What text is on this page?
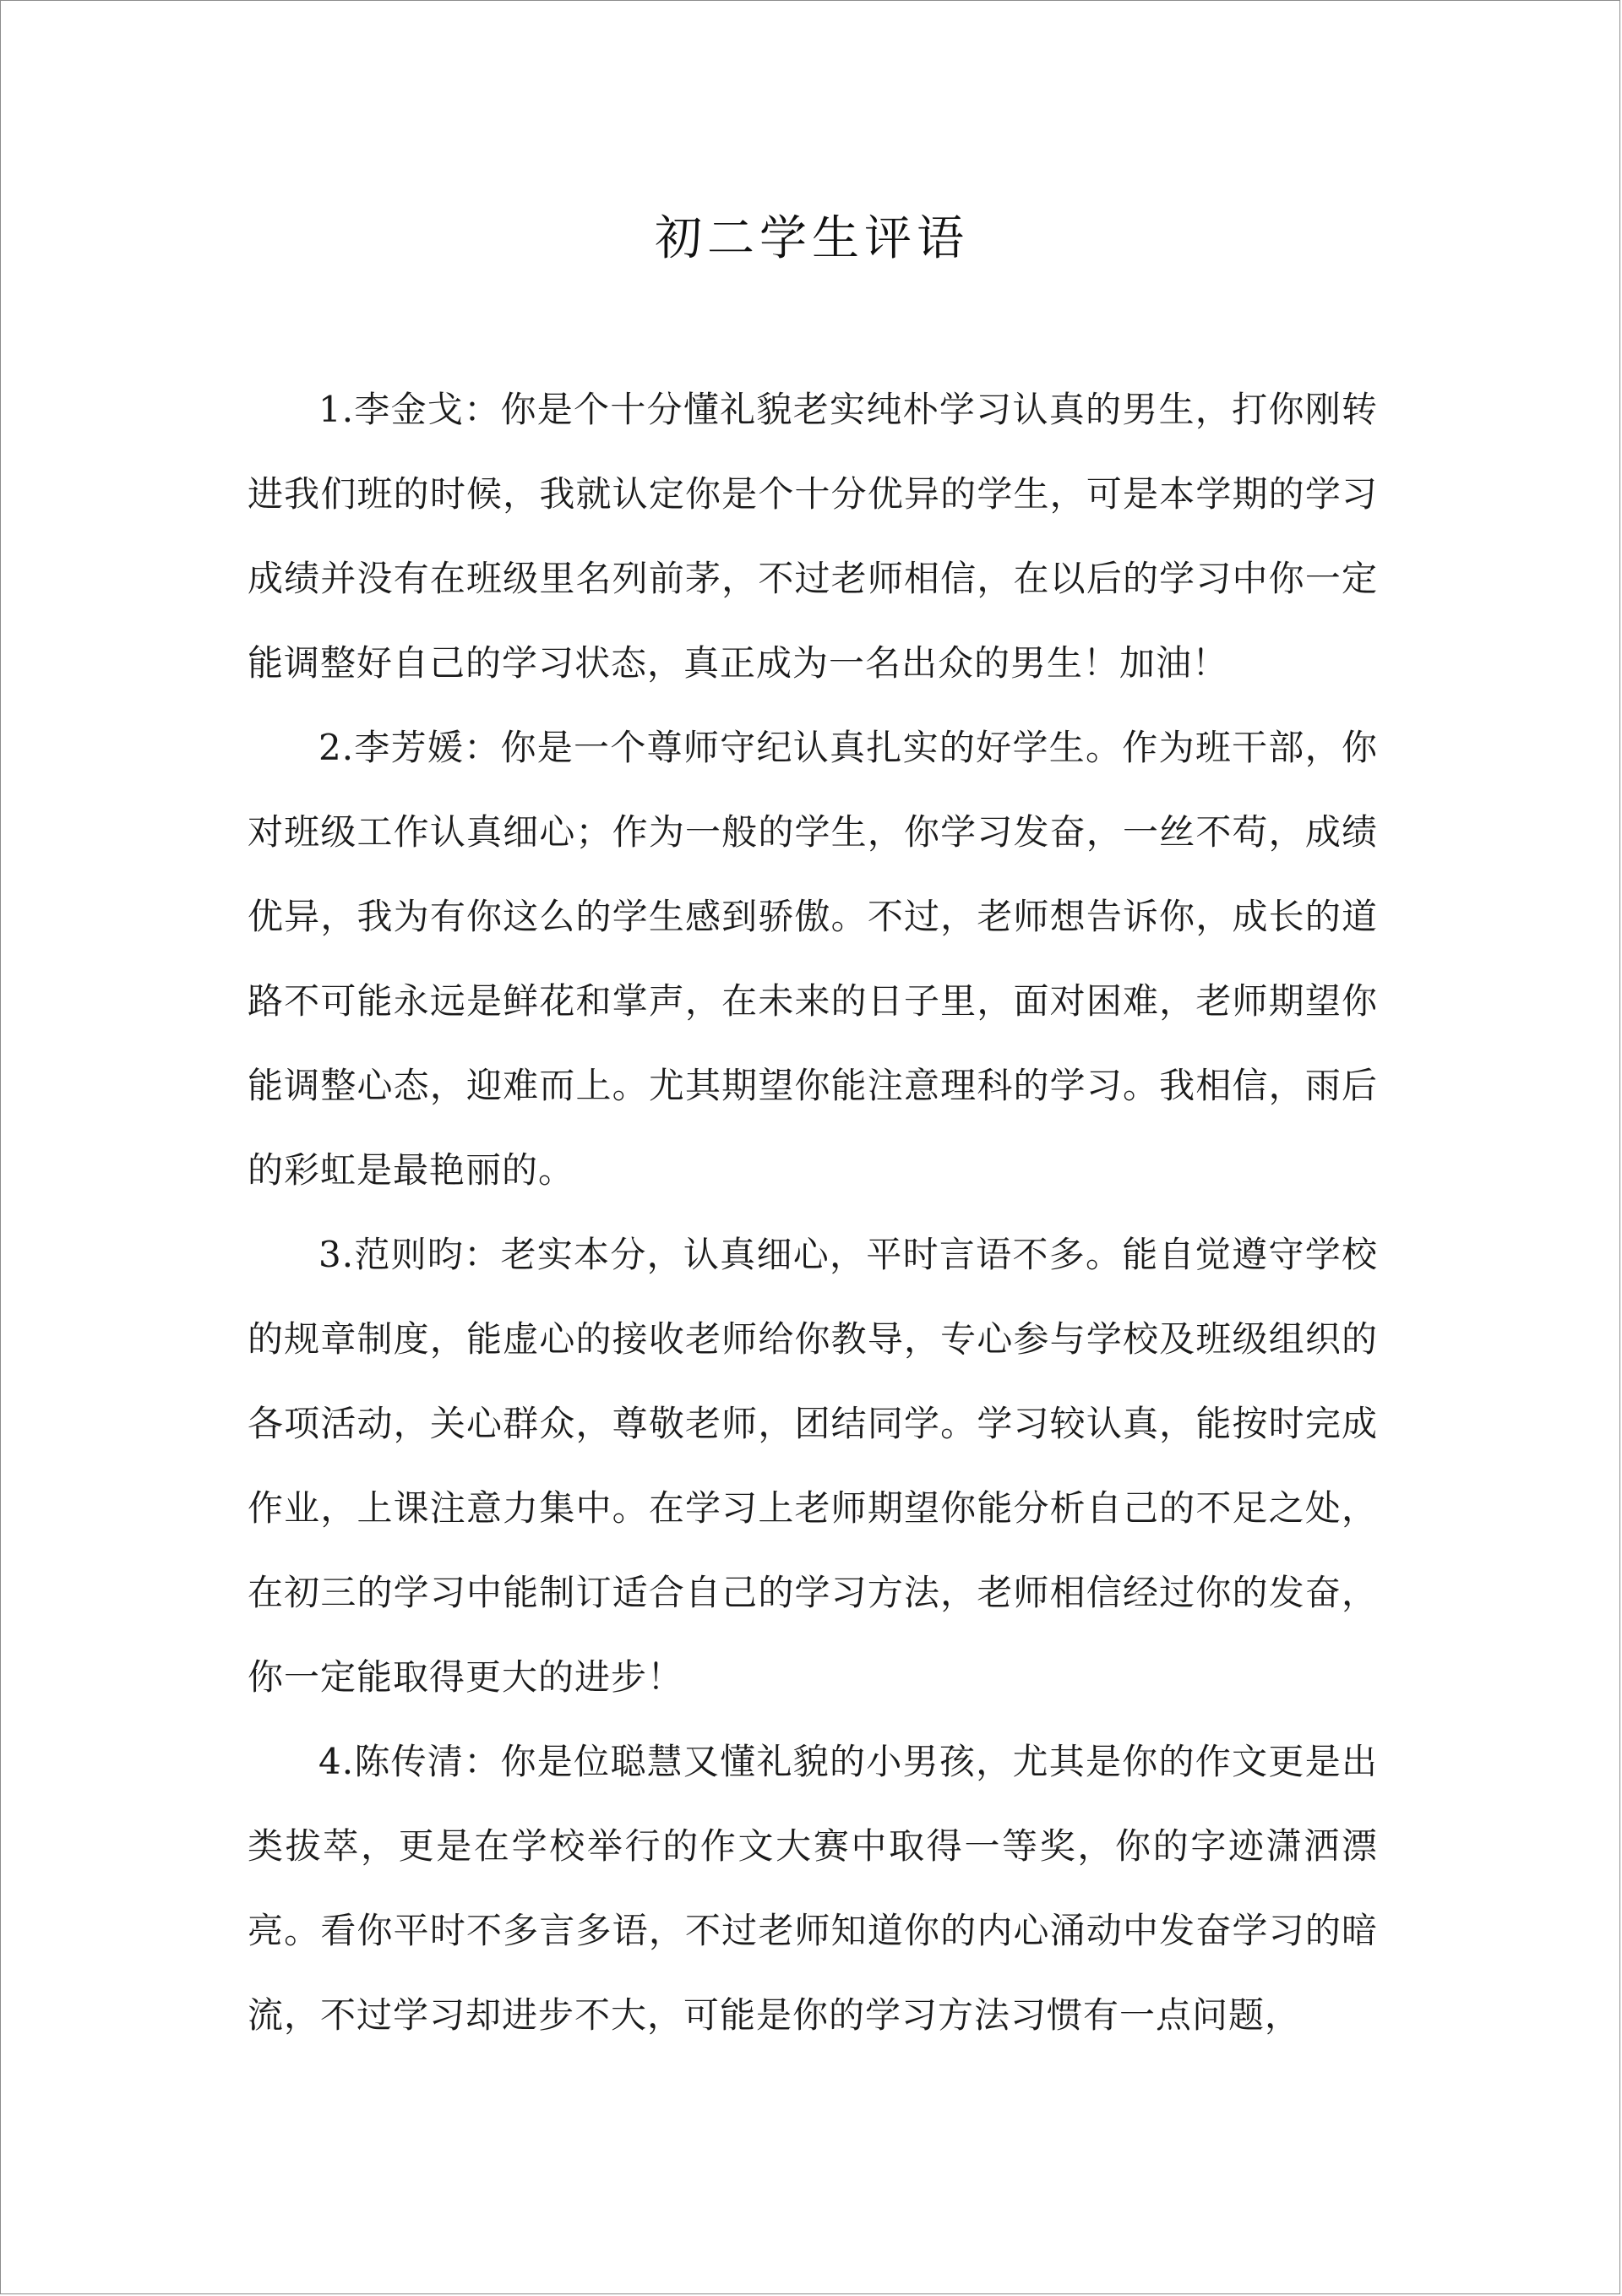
初二学生评语

1.李金戈：你是个十分懂礼貌老实纯朴学习认真的男生，打你刚转进我们班的时候，我就认定你是个十分优异的学生，可是本学期的学习成绩并没有在班级里名列前茅，不过老师相信，在以后的学习中你一定能调整好自己的学习状态，真正成为一名出众的男生！加油！

2.李芳媛：你是一个尊师守纪认真扎实的好学生。作为班干部，你对班级工作认真细心；作为一般的学生，你学习发奋，一丝不苟，成绩优异，我为有你这么的学生感到骄傲。不过，老师想告诉你，成长的道路不可能永远是鲜花和掌声，在未来的日子里，面对困难，老师期望你能调整心态，迎难而上。尤其期望你能注意理科的学习。我相信，雨后的彩虹是最艳丽的。

3.范则昀：老实本分，认真细心，平时言语不多。能自觉遵守学校的规章制度，能虚心的接收老师给你教导，专心参与学校及班级组织的各项活动，关心群众，尊敬老师，团结同学。学习较认真，能按时完成作业，上课注意力集中。在学习上老师期望你能分析自己的不足之处，在初三的学习中能制订适合自己的学习方法，老师相信经过你的发奋，你一定能取得更大的进步！

4.陈传清：你是位聪慧又懂礼貌的小男孩，尤其是你的作文更是出类拔萃，更是在学校举行的作文大赛中取得一等奖，你的字迹潇洒漂亮。看你平时不多言多语，不过老师知道你的内心涌动中发奋学习的暗流，不过学习却进步不大，可能是你的学习方法习惯有一点问题，
